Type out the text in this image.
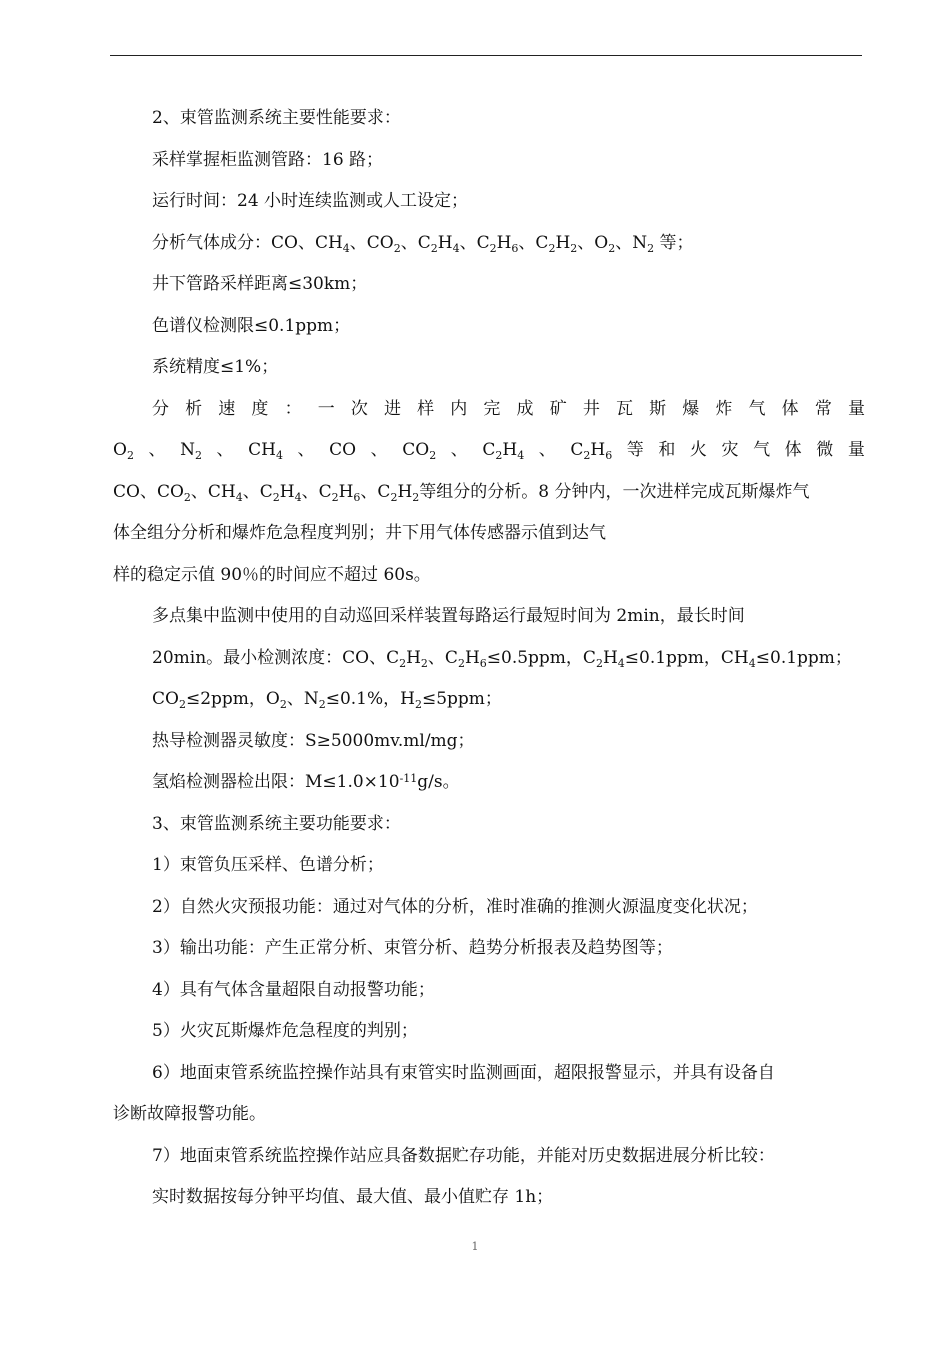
2、束管监测系统主要性能要求：
采样掌握柜监测管路：16 路；
运行时间：24 小时连续监测或人工设定；
分析气体成分：CO、$CH_4$、$CO_2$、$C_2H_4$、$C_2H_6$、$C_2H_2$、$O_2$、$N_2$ 等；
井下管路采样距离≤30km；
色谱仪检测限≤0.1ppm；
系统精度≤1%；
分 析 速 度 ： 一 次 进 样 内 完 成 矿 井 瓦 斯 爆 炸 气 体 常 量
$O_2$ 、 $N_2$ 、 $CH_4$ 、 CO 、 $CO_2$ 、 $C_2H_4$ 、 $C_2H_6$ 等 和 火 灾 气 体 微 量
CO、$CO_2$、$CH_4$、$C_2H_4$、$C_2H_6$、$C_2H_2$等组分的分析。8 分钟内，一次进样完成瓦斯爆炸气
体全组分分析和爆炸危急程度判别；井下用气体传感器示值到达气
样的稳定示值 90％的时间应不超过 60s。
多点集中监测中使用的自动巡回采样装置每路运行最短时间为 2min，最长时间
20min。最小检测浓度：CO、$C_2H_2$、$C_2H_6\le 0.5ppm$，$C_2H_4\le 0.1ppm$，$CH_4\le 0.1ppm$；
$CO_2\le 2ppm$，$O_2$、$N_2\le 0.1\%$，$H_2\le 5ppm$；
热导检测器灵敏度：S≥5000mv.ml/mg；
氢焰检测器检出限：$M\le 1.0\times 10^{-11}g/s$。
3、束管监测系统主要功能要求：
1）束管负压采样、色谱分析；
2）自然火灾预报功能：通过对气体的分析，准时准确的推测火源温度变化状况；
3）输出功能：产生正常分析、束管分析、趋势分析报表及趋势图等；
4）具有气体含量超限自动报警功能；
5）火灾瓦斯爆炸危急程度的判别；
6）地面束管系统监控操作站具有束管实时监测画面，超限报警显示，并具有设备自
诊断故障报警功能。
7）地面束管系统监控操作站应具备数据贮存功能，并能对历史数据进展分析比较：
实时数据按每分钟平均值、最大值、最小值贮存 1h；
1
